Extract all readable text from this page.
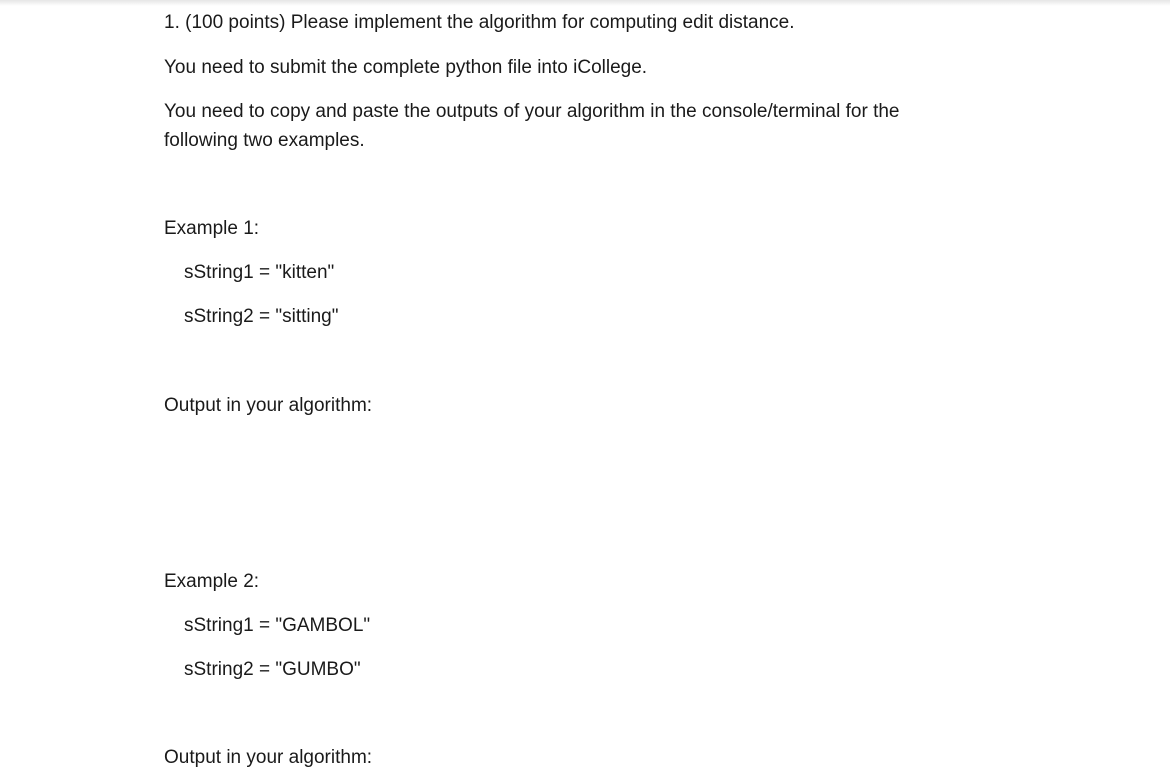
1. (100 points) Please implement the algorithm for computing edit distance.
You need to submit the complete python file into iCollege.
You need to copy and paste the outputs of your algorithm in the console/terminal for the following two examples.
Example 1:
sString1 = "kitten"
sString2 = "sitting"
Output in your algorithm:
Example 2:
sString1 = "GAMBOL"
sString2 = "GUMBO"
Output in your algorithm:
